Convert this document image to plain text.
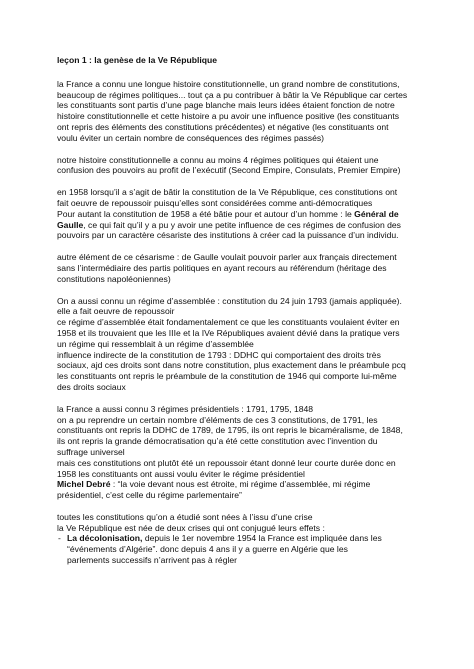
leçon 1 : la genèse de la Ve République

la France a connu une longue histoire constitutionnelle, un grand nombre de constitutions,
beaucoup de régimes politiques... tout ça a pu contribuer à bâtir la Ve République car certes
les constituants sont partis d’une page blanche mais leurs idées étaient fonction de notre
histoire constitutionnelle et cette histoire a pu avoir une influence positive (les constituants
ont repris des éléments des constitutions précédentes) et négative (les constituants ont
voulu éviter un certain nombre de conséquences des régimes passés)

notre histoire constitutionnelle a connu au moins 4 régimes politiques qui étaient une
confusion des pouvoirs au profit de l’exécutif (Second Empire, Consulats, Premier Empire)

en 1958 lorsqu’il a s’agit de bâtir la constitution de la Ve République, ces constitutions ont
fait oeuvre de repoussoir puisqu’elles sont considérées comme anti-démocratiques
Pour autant la constitution de 1958 a été bâtie pour et autour d’un homme : le Général de
Gaulle, ce qui fait qu’il y a pu y avoir une petite influence de ces régimes de confusion des
pouvoirs par un caractère césariste des institutions à créer cad la puissance d’un individu.

autre élément de ce césarisme : de Gaulle voulait pouvoir parler aux français directement
sans l’intermédiaire des partis politiques en ayant recours au référendum (héritage des
constitutions napoléoniennes)

On a aussi connu un régime d’assemblée : constitution du 24 juin 1793 (jamais appliquée).
elle a fait oeuvre de repoussoir
ce régime d’assemblée était fondamentalement ce que les constituants voulaient éviter en
1958 et ils trouvaient que les IIIe et la IVe Républiques avaient dévié dans la pratique vers
un régime qui ressemblait à un régime d’assemblée
influence indirecte de la constitution de 1793 : DDHC qui comportaient des droits très
sociaux, ajd ces droits sont dans notre constitution, plus exactement dans le préambule pcq
les constituants ont repris le préambule de la constitution de 1946 qui comporte lui-même
des droits sociaux

la France a aussi connu 3 régimes présidentiels : 1791, 1795, 1848
on a pu reprendre un certain nombre d’éléments de ces 3 constitutions, de 1791, les
constituants ont repris la DDHC de 1789, de 1795, ils ont repris le bicaméralisme, de 1848,
ils ont repris la grande démocratisation qu’a été cette constitution avec l’invention du
suffrage universel
mais ces constitutions ont plutôt été un repoussoir étant donné leur courte durée donc en
1958 les constituants ont aussi voulu éviter le régime présidentiel
Michel Debré : “la voie devant nous est étroite, mi régime d’assemblée, mi régime
présidentiel, c’est celle du régime parlementaire”

toutes les constitutions qu’on a étudié sont nées à l’issu d’une crise
la Ve République est née de deux crises qui ont conjugué leurs effets :
- La décolonisation, depuis le 1er novembre 1954 la France est impliquée dans les
“événements d’Algérie”. donc depuis 4 ans il y a guerre en Algérie que les
parlements successifs n’arrivent pas à régler
